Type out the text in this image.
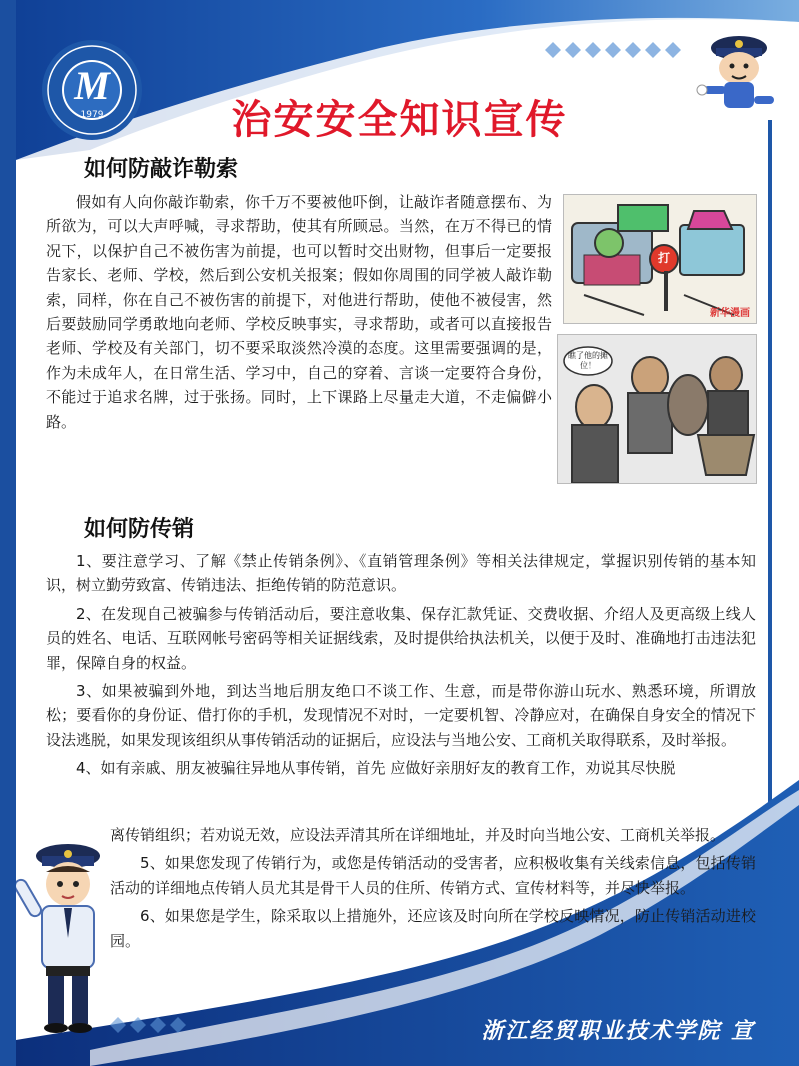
M
1979	治安安全知识宣传
如何防敲诈勒索

假如有人向你敲诈勒索，你千万不要被他吓倒，让敲诈者随意摆布、为所欲为，可以大声呼喊，寻求帮助，使其有所顾忌。当然，在万不得已的情况下，以保护自己不被伤害为前提，也可以暂时交出财物，但事后一定要报告家长、老师、学校，然后到公安机关报案；假如你周围的同学被人敲诈勒索，同样，你在自己不被伤害的前提下，对他进行帮助，使他不被侵害，然后要鼓励同学勇敢地向老师、学校反映事实，寻求帮助，或者可以直接报告老师、学校及有关部门，切不要采取淡然冷漠的态度。这里需要强调的是，作为未成年人，在日常生活、学习中，自己的穿着、言谈一定要符合身份，不能过于追求名牌，过于张扬。同时，上下课路上尽量走大道，不走偏僻小路。

打
新华漫画
瞧了他的摊位！
如何防传销

1、要注意学习、了解《禁止传销条例》、《直销管理条例》等相关法律规定，掌握识别传销的基本知识，树立勤劳致富、传销违法、拒绝传销的防范意识。

2、在发现自己被骗参与传销活动后，要注意收集、保存汇款凭证、交费收据、介绍人及更高级上线人员的姓名、电话、互联网帐号密码等相关证据线索，及时提供给执法机关，以便于及时、准确地打击违法犯罪，保障自身的权益。

3、如果被骗到外地，到达当地后朋友绝口不谈工作、生意，而是带你游山玩水、熟悉环境，所谓放松；要看你的身份证、借打你的手机，发现情况不对时，一定要机智、冷静应对，在确保自身安全的情况下设法逃脱，如果发现该组织从事传销活动的证据后，应设法与当地公安、工商机关取得联系，及时举报。

4、如有亲戚、朋友被骗往异地从事传销，首先 应做好亲朋好友的教育工作，劝说其尽快脱

离传销组织；若劝说无效，应设法弄清其所在详细地址，并及时向当地公安、工商机关举报。

5、如果您发现了传销行为，或您是传销活动的受害者，应积极收集有关线索信息，包括传销活动的详细地点传销人员尤其是骨干人员的住所、传销方式、宣传材料等，并尽快举报。

6、如果您是学生，除采取以上措施外，还应该及时向所在学校反映情况，防止传销活动进校园。

浙江经贸职业技术学院 宣
